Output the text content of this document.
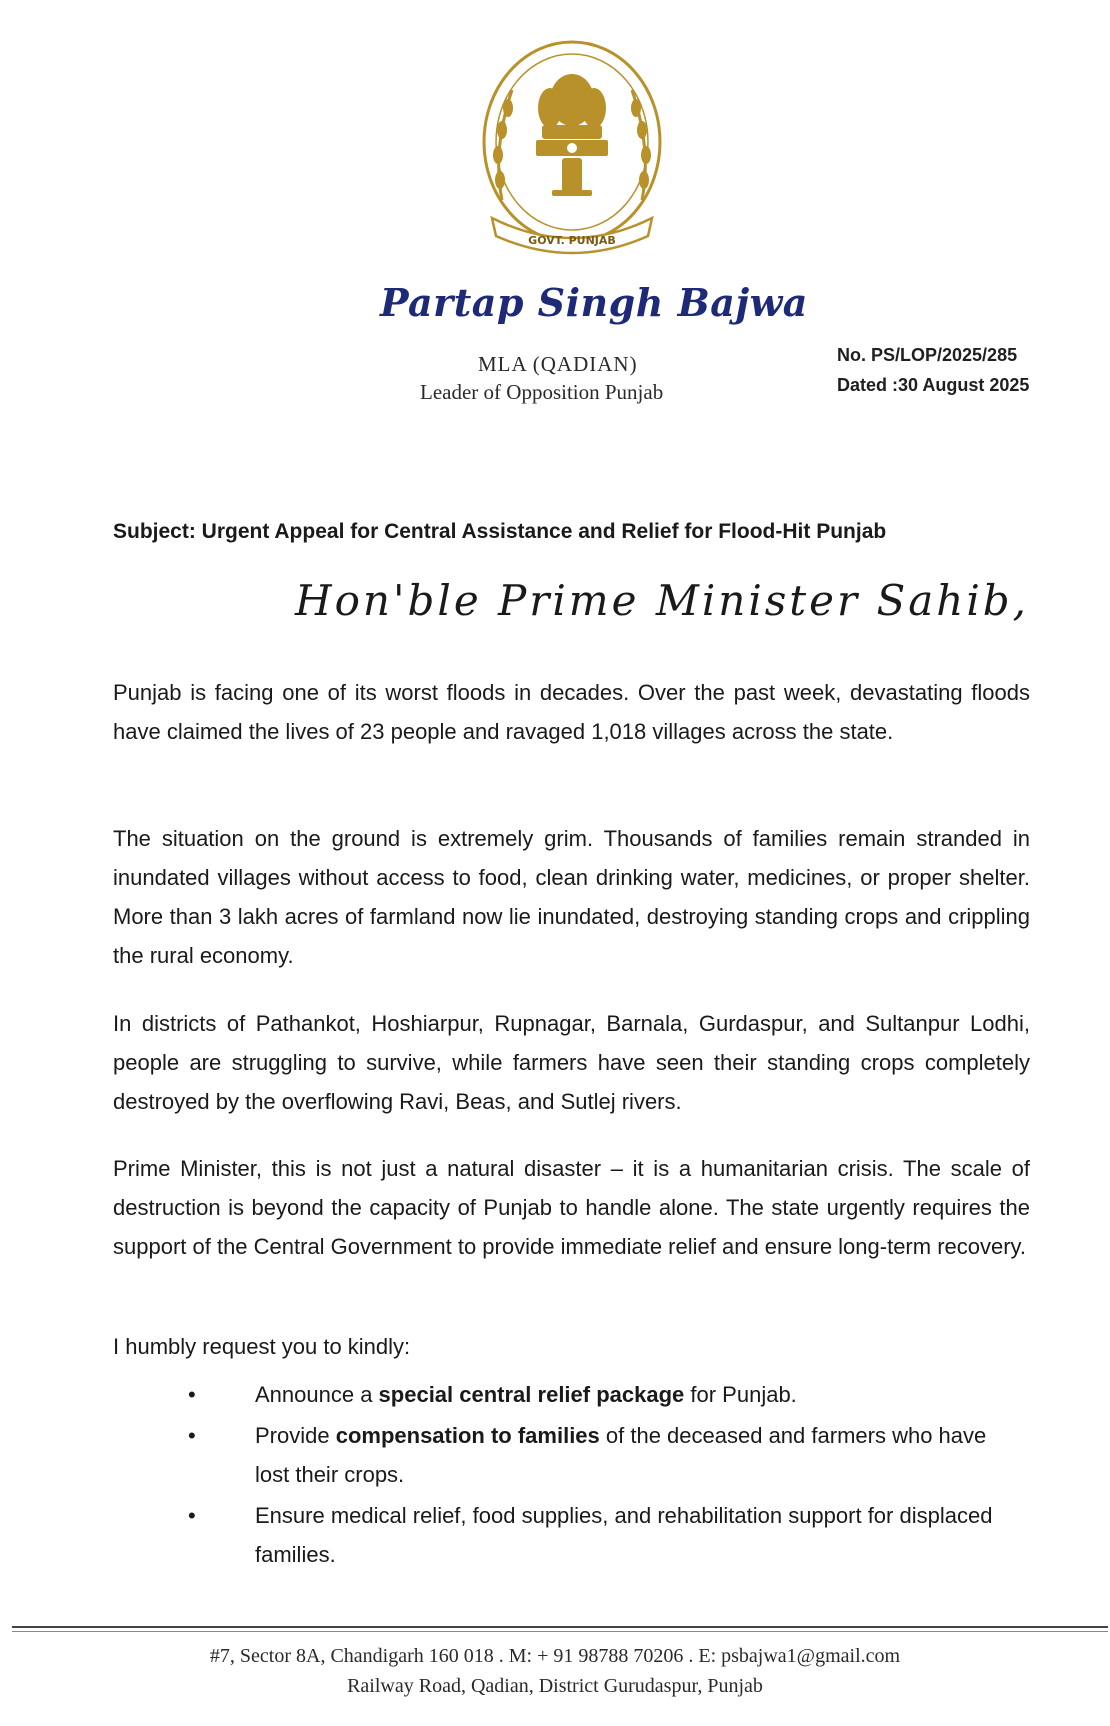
GOVT. PUNJAB
Partap Singh Bajwa
MLA (QADIAN)
Leader of Opposition Punjab
No. PS/LOP/2025/285
Dated :30 August 2025
Subject: Urgent Appeal for Central Assistance and Relief for Flood-Hit Punjab
Hon'ble Prime Minister Sahib,

Punjab is facing one of its worst floods in decades. Over the past week, devastating floods have claimed the lives of 23 people and ravaged 1,018 villages across the state.

The situation on the ground is extremely grim. Thousands of families remain stranded in inundated villages without access to food, clean drinking water, medicines, or proper shelter. More than 3 lakh acres of farmland now lie inundated, destroying standing crops and crippling the rural economy.

In districts of Pathankot, Hoshiarpur, Rupnagar, Barnala, Gurdaspur, and Sultanpur Lodhi, people are struggling to survive, while farmers have seen their standing crops completely destroyed by the overflowing Ravi, Beas, and Sutlej rivers.

Prime Minister, this is not just a natural disaster – it is a humanitarian crisis. The scale of destruction is beyond the capacity of Punjab to handle alone. The state urgently requires the support of the Central Government to provide immediate relief and ensure long-term recovery.

I humbly request you to kindly:
•	Announce a special central relief package for Punjab.
•	Provide compensation to families of the deceased and farmers who have lost their crops.
•	Ensure medical relief, food supplies, and rehabilitation support for displaced families.
#7, Sector 8A, Chandigarh 160 018 . M: + 91 98788 70206 . E: psbajwa1@gmail.com
Railway Road, Qadian, District Gurudaspur, Punjab
